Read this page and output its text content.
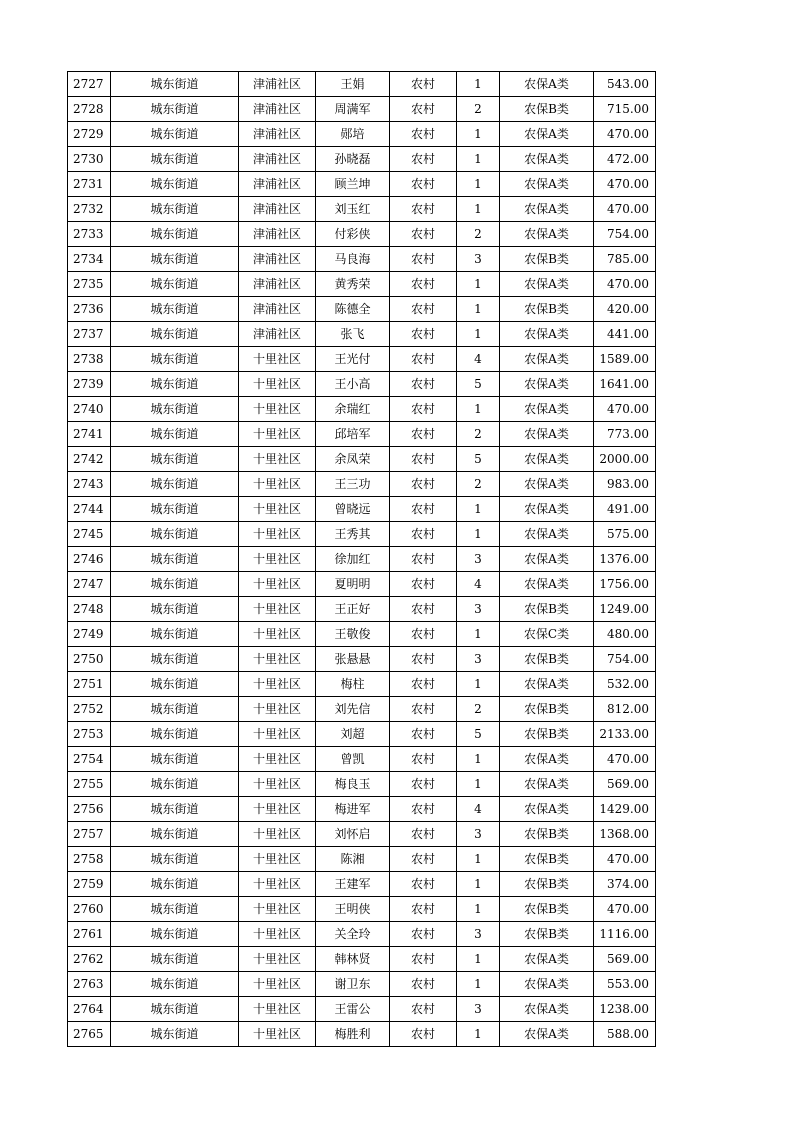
2727	城东街道	津浦社区	王娟	农村	1	农保A类	543.00
2728	城东街道	津浦社区	周满军	农村	2	农保B类	715.00
2729	城东街道	津浦社区	郧培	农村	1	农保A类	470.00
2730	城东街道	津浦社区	孙晓磊	农村	1	农保A类	472.00
2731	城东街道	津浦社区	顾兰坤	农村	1	农保A类	470.00
2732	城东街道	津浦社区	刘玉红	农村	1	农保A类	470.00
2733	城东街道	津浦社区	付彩侠	农村	2	农保A类	754.00
2734	城东街道	津浦社区	马良海	农村	3	农保B类	785.00
2735	城东街道	津浦社区	黄秀荣	农村	1	农保A类	470.00
2736	城东街道	津浦社区	陈德全	农村	1	农保B类	420.00
2737	城东街道	津浦社区	张飞	农村	1	农保A类	441.00
2738	城东街道	十里社区	王光付	农村	4	农保A类	1589.00
2739	城东街道	十里社区	王小高	农村	5	农保A类	1641.00
2740	城东街道	十里社区	余瑞红	农村	1	农保A类	470.00
2741	城东街道	十里社区	邱培军	农村	2	农保A类	773.00
2742	城东街道	十里社区	余凤荣	农村	5	农保A类	2000.00
2743	城东街道	十里社区	王三功	农村	2	农保A类	983.00
2744	城东街道	十里社区	曾晓远	农村	1	农保A类	491.00
2745	城东街道	十里社区	王秀其	农村	1	农保A类	575.00
2746	城东街道	十里社区	徐加红	农村	3	农保A类	1376.00
2747	城东街道	十里社区	夏明明	农村	4	农保A类	1756.00
2748	城东街道	十里社区	王正好	农村	3	农保B类	1249.00
2749	城东街道	十里社区	王敬俊	农村	1	农保C类	480.00
2750	城东街道	十里社区	张悬悬	农村	3	农保B类	754.00
2751	城东街道	十里社区	梅柱	农村	1	农保A类	532.00
2752	城东街道	十里社区	刘先信	农村	2	农保B类	812.00
2753	城东街道	十里社区	刘超	农村	5	农保B类	2133.00
2754	城东街道	十里社区	曾凯	农村	1	农保A类	470.00
2755	城东街道	十里社区	梅良玉	农村	1	农保A类	569.00
2756	城东街道	十里社区	梅进军	农村	4	农保A类	1429.00
2757	城东街道	十里社区	刘怀启	农村	3	农保B类	1368.00
2758	城东街道	十里社区	陈湘	农村	1	农保B类	470.00
2759	城东街道	十里社区	王建军	农村	1	农保B类	374.00
2760	城东街道	十里社区	王明侠	农村	1	农保B类	470.00
2761	城东街道	十里社区	关全玲	农村	3	农保B类	1116.00
2762	城东街道	十里社区	韩林贤	农村	1	农保A类	569.00
2763	城东街道	十里社区	谢卫东	农村	1	农保A类	553.00
2764	城东街道	十里社区	王雷公	农村	3	农保A类	1238.00
2765	城东街道	十里社区	梅胜利	农村	1	农保A类	588.00
